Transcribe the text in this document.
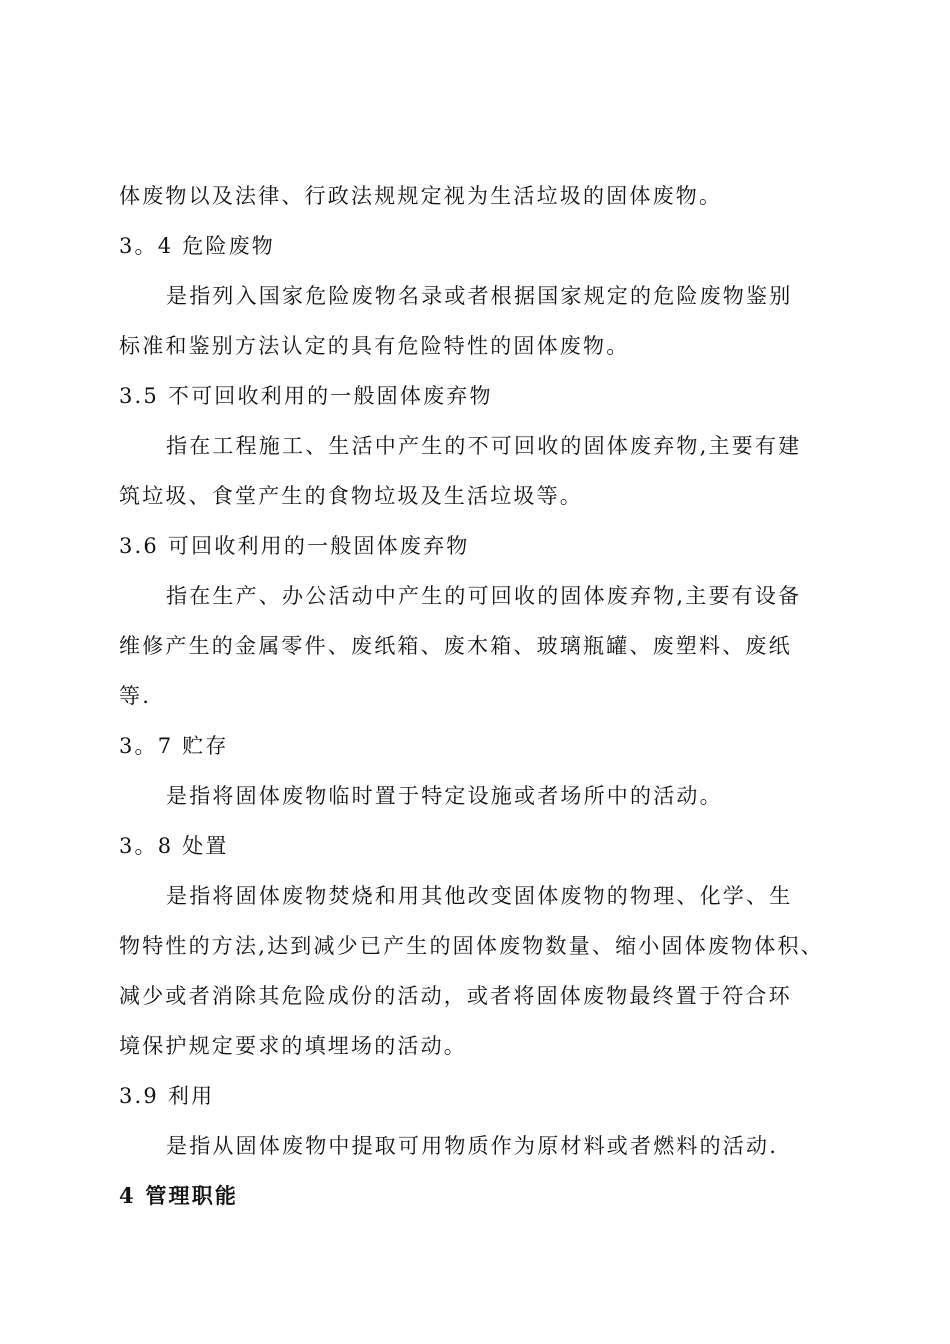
体废物以及法律、行政法规规定视为生活垃圾的固体废物。
3。4 危险废物
是指列入国家危险废物名录或者根据国家规定的危险废物鉴别
标准和鉴别方法认定的具有危险特性的固体废物。
3.5 不可回收利用的一般固体废弃物
指在工程施工、生活中产生的不可回收的固体废弃物,主要有建
筑垃圾、食堂产生的食物垃圾及生活垃圾等。
3.6 可回收利用的一般固体废弃物
指在生产、办公活动中产生的可回收的固体废弃物,主要有设备
维修产生的金属零件、废纸箱、废木箱、玻璃瓶罐、废塑料、废纸
等.
3。7 贮存
是指将固体废物临时置于特定设施或者场所中的活动。
3。8 处置
是指将固体废物焚烧和用其他改变固体废物的物理、化学、生
物特性的方法,达到减少已产生的固体废物数量、缩小固体废物体积、
减少或者消除其危险成份的活动，或者将固体废物最终置于符合环
境保护规定要求的填埋场的活动。
3.9 利用
是指从固体废物中提取可用物质作为原材料或者燃料的活动.
4 管理职能
